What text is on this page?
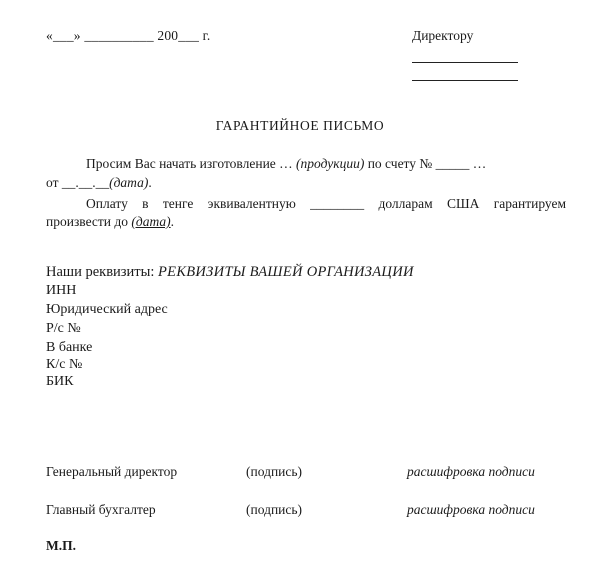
«___» __________ 200___ г.	Директору
ГАРАНТИЙНОЕ ПИСЬМО
Просим Вас начать изготовление … (продукции) по счету № _____ …
от __.__.__(дата).
Оплату в тенге эквивалентную ________ долларам США гарантируем
произвести до (дата).
Наши реквизиты: РЕКВИЗИТЫ ВАШЕЙ ОРГАНИЗАЦИИ
ИНН
Юридический адрес
Р/с №
В банке
К/с №
БИК
Генеральный директор	(подпись)	расшифровка подписи
Главный бухгалтер	(подпись)	расшифровка подписи
М.П.
